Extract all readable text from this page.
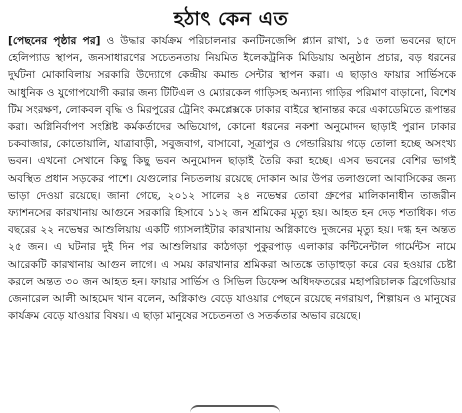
হঠাৎ কেন এত

[পেছনের পৃষ্ঠার পর] ও উদ্ধার কার্যক্রম পরিচালনার কনটিনজেন্সি প্ল্যান রাখা, ১৫ তলা ভবনের ছাদে হেলিপ্যাড স্থাপন, জনসাধারণের সচেতনতায় নিয়মিত ইলেকট্রনিক মিডিয়ায় অনুষ্ঠান প্রচার, বড় ধরনের দুর্ঘটনা মোকাবিলায় সরকারি উদ্যোগে কেন্দ্রীয় কমান্ড সেন্টার স্থাপন করা। এ ছাড়াও ফায়ার সার্ভিসকে আধুনিক ও যুগোপযোগী করার জন্য টিটিএল ও ম্যোরকেল গাড়িসহ অন্যান্য গাড়ির পরিমাণ বাড়ানো, বিশেষ টিম সংরক্ষণ, লোকবল বৃদ্ধি ও মিরপুরের ট্রেনিং কমপ্লেক্সকে ঢাকার বাইরে স্থানান্তর করে একাডেমিতে রূপান্তর করা। অগ্নিনির্বাপণ সংশ্লিষ্ট কর্মকর্তাদের অভিযোগ, কোনো ধরনের নকশা অনুমোদন ছাড়াই পুরান ঢাকার চকবাজার, কোতোয়ালি, যাত্রাবাড়ী, সবুজবাগ, বাসাবো, সূত্রাপুর ও গেন্ডারিয়ায় গড়ে তোলা হচ্ছে অসংখ্য ভবন। এখনো সেখানে কিছু কিছু ভবন অনুমোদন ছাড়াই তৈরি করা হচ্ছে। এসব ভবনের বেশির ভাগই অবস্থিত প্রধান সড়কের পাশে। যেগুলোর নিচতলায় রয়েছে দোকান আর উপর তলাগুলো আবাসিকের জন্য ভাড়া দেওয়া রয়েছে। জানা গেছে, ২০১২ সালের ২৪ নভেম্বর তোবা গ্রুপের মালিকানাধীন তাজরীন ফ্যাশনসের কারখানায় আগুনে সরকারি হিসাবে ১১২ জন শ্রমিকের মৃত্যু হয়। আহত হন দেড় শতাধিক। গত বছরের ২২ নভেম্বর আশুলিয়ায় একটি গ্যাসলাইটার কারখানায় অগ্নিকাণ্ডে দুজনের মৃত্যু হয়। দগ্ধ হন অন্তত ২৫ জন। এ ঘটনার দুই দিন পর আশুলিয়ার কাঠগড়া পুকুরপাড় এলাকার কন্টিনেন্টাল গার্মেন্টস নামে আরেকটি কারখানায় আগুন লাগে। এ সময় কারখানার শ্রমিকরা আতঙ্কে তাড়াহুড়া করে বের হওয়ার চেষ্টা করলে অন্তত ৩০ জন আহত হন। ফায়ার সার্ভিস ও সিভিল ডিফেন্স অধিদফতরের মহাপরিচালক ব্রিগেডিয়ার জেনারেল আলী আহমেদ খান বলেন, অগ্নিকাণ্ড বেড়ে যাওয়ার পেছনে রয়েছে নগরায়ণ, শিল্পায়ন ও মানুষের কার্যক্রম বেড়ে যাওয়ার বিষয়। এ ছাড়া মানুষের সচেতনতা ও সতর্কতার অভাব রয়েছে।
